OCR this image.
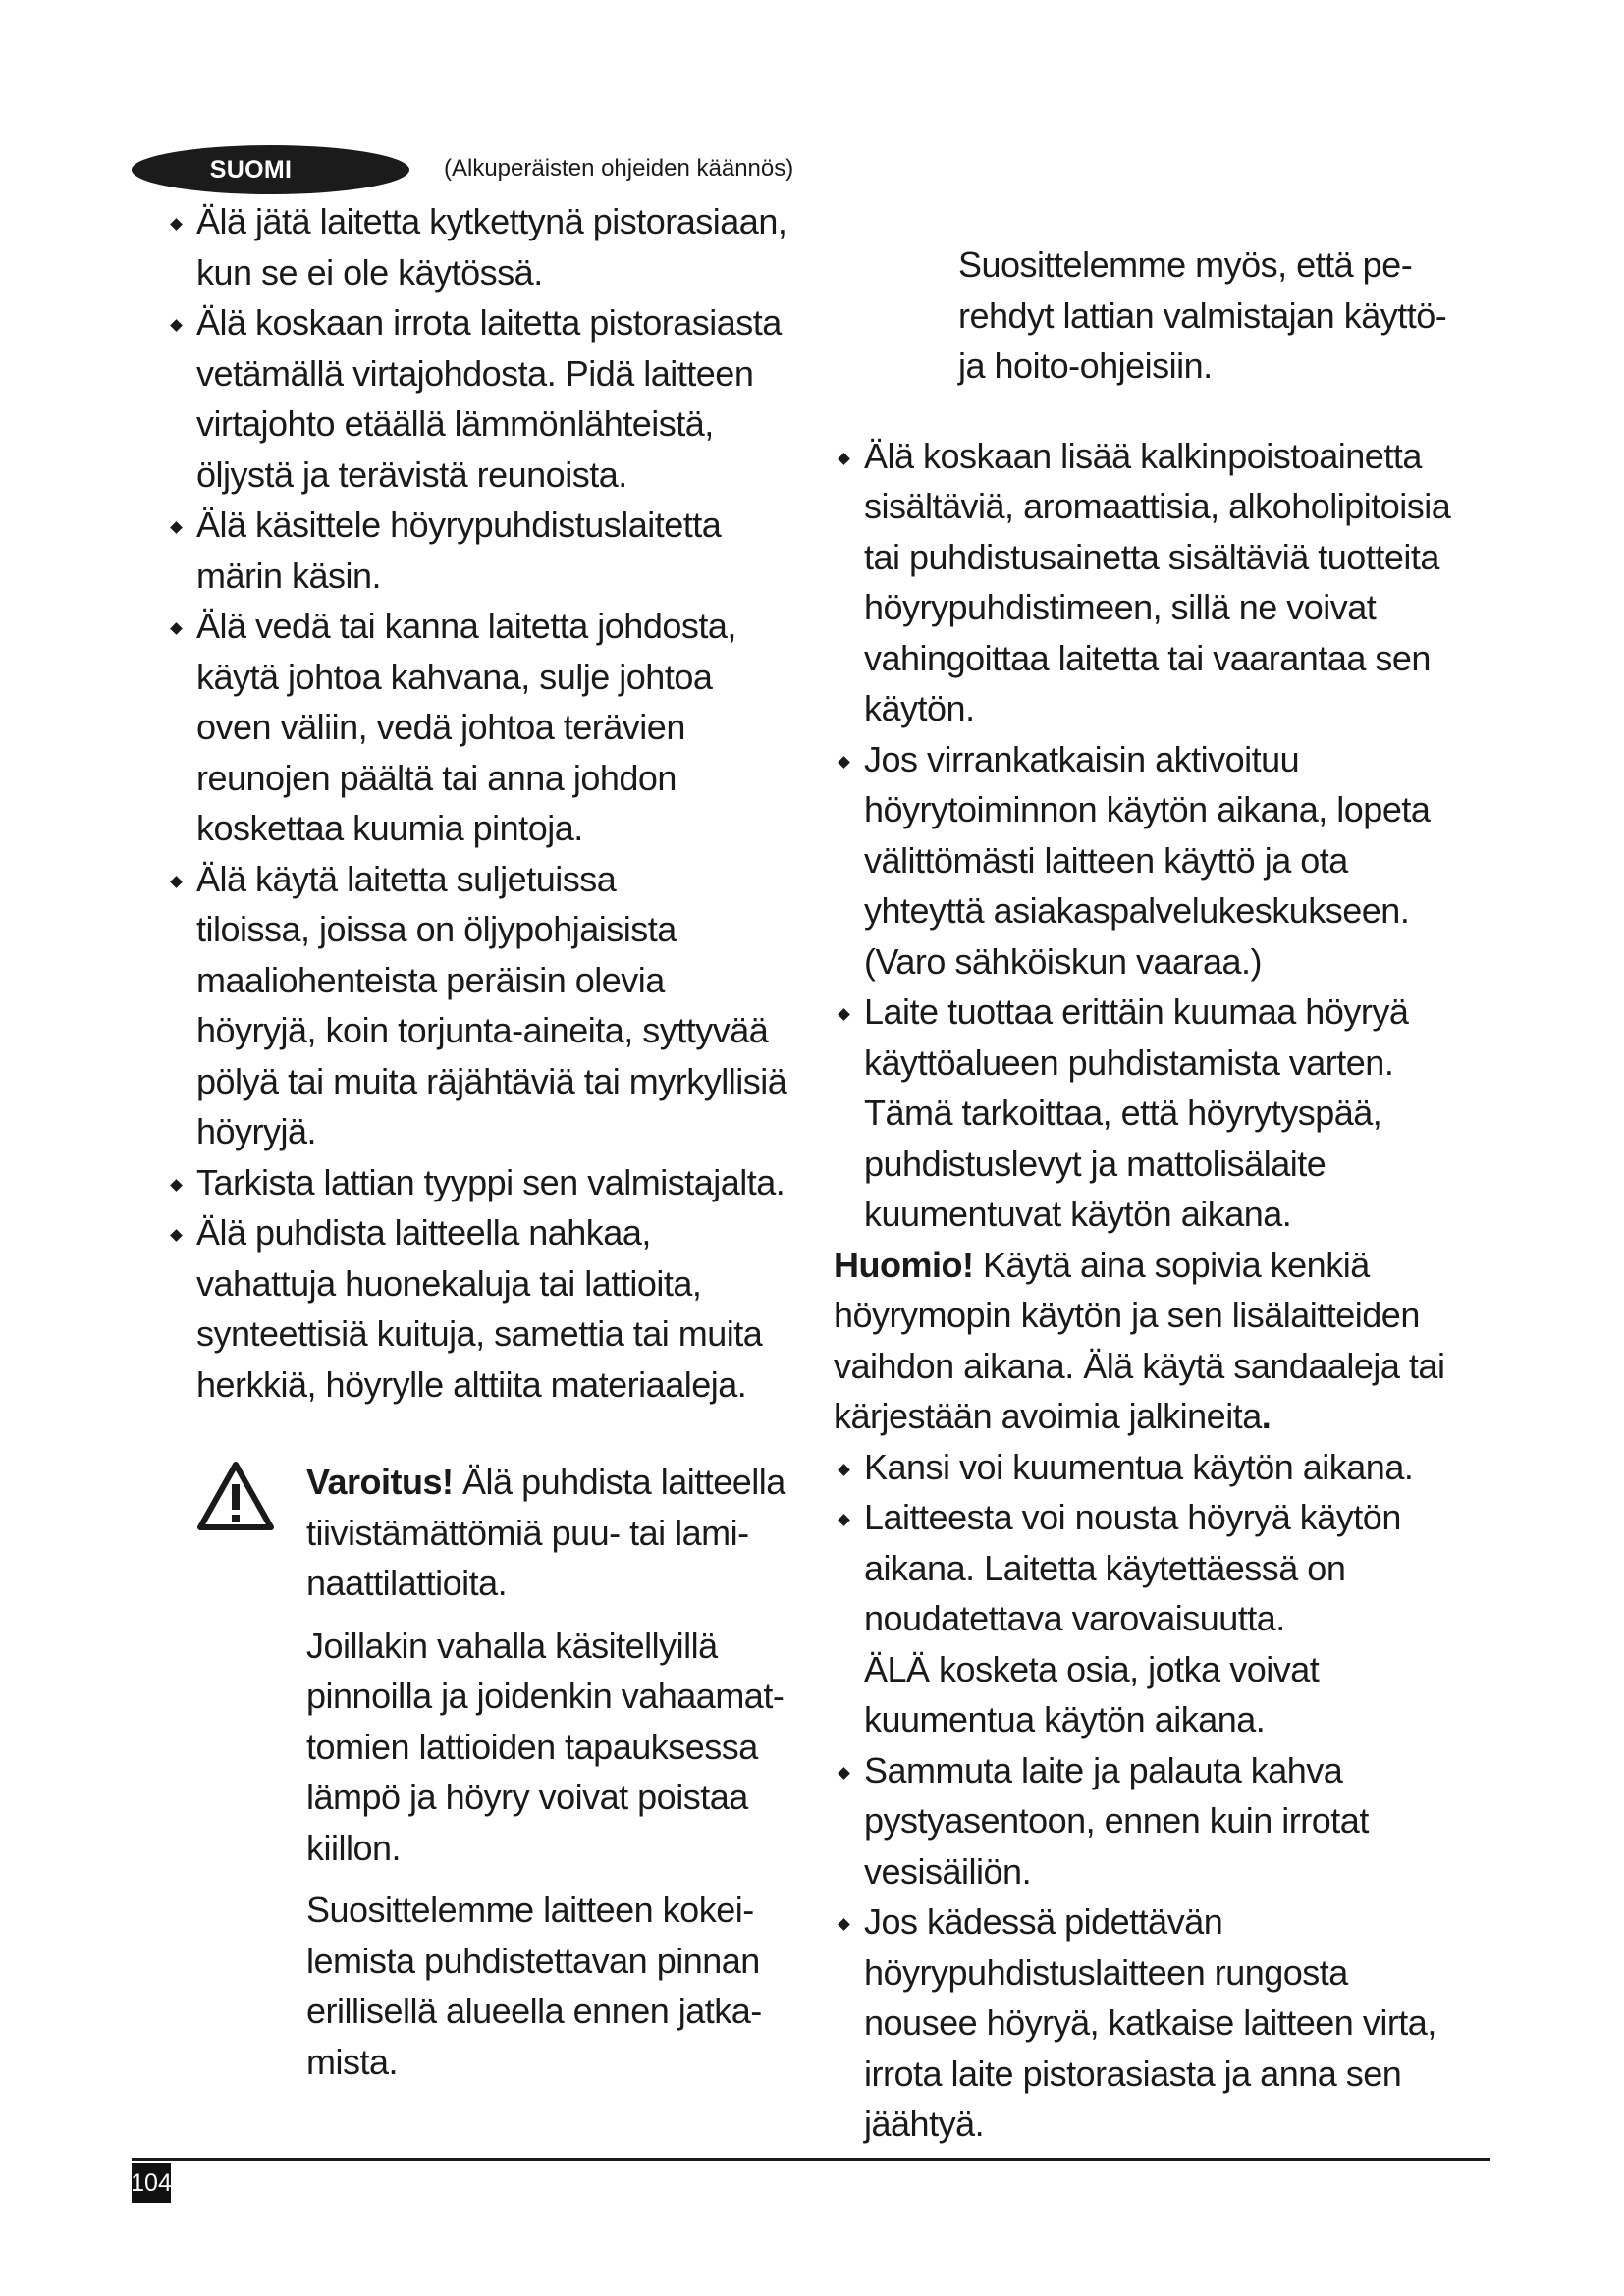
SUOMI	(Alkuperäisten ohjeiden käännös)
Älä jätä laitetta kytkettynä pistorasiaan,
kun se ei ole käytössä.
Älä koskaan irrota laitetta pistorasiasta
vetämällä virtajohdosta. Pidä laitteen
virtajohto etäällä lämmönlähteistä,
öljystä ja terävistä reunoista.
Älä käsittele höyrypuhdistuslaitetta
märin käsin.
Älä vedä tai kanna laitetta johdosta,
käytä johtoa kahvana, sulje johtoa
oven väliin, vedä johtoa terävien
reunojen päältä tai anna johdon
koskettaa kuumia pintoja.
Älä käytä laitetta suljetuissa
tiloissa, joissa on öljypohjaisista
maaliohenteista peräisin olevia
höyryjä, koin torjunta-aineita, syttyvää
pölyä tai muita räjähtäviä tai myrkyllisiä
höyryjä.
Tarkista lattian tyyppi sen valmistajalta.
Älä puhdista laitteella nahkaa,
vahattuja huonekaluja tai lattioita,
synteettisiä kuituja, samettia tai muita
herkkiä, höyrylle alttiita materiaaleja.
Varoitus! Älä puhdista laitteella
tiivistämättömiä puu- tai lami-
naattilattioita.
Joillakin vahalla käsitellyillä
pinnoilla ja joidenkin vahaamat-
tomien lattioiden tapauksessa
lämpö ja höyry voivat poistaa
kiillon.
Suosittelemme laitteen kokei-
lemista puhdistettavan pinnan
erillisellä alueella ennen jatka-
mista.
Suosittelemme myös, että pe-
rehdyt lattian valmistajan käyttö-
ja hoito-ohjeisiin.
Älä koskaan lisää kalkinpoistoainetta
sisältäviä, aromaattisia, alkoholipitoisia
tai puhdistusainetta sisältäviä tuotteita
höyrypuhdistimeen, sillä ne voivat
vahingoittaa laitetta tai vaarantaa sen
käytön.
Jos virrankatkaisin aktivoituu
höyrytoiminnon käytön aikana, lopeta
välittömästi laitteen käyttö ja ota
yhteyttä asiakaspalvelukeskukseen.
(Varo sähköiskun vaaraa.)
Laite tuottaa erittäin kuumaa höyryä
käyttöalueen puhdistamista varten.
Tämä tarkoittaa, että höyrytyspää,
puhdistuslevyt ja mattolisälaite
kuumentuvat käytön aikana.
Huomio! Käytä aina sopivia kenkiä
höyrymopin käytön ja sen lisälaitteiden
vaihdon aikana. Älä käytä sandaaleja tai
kärjestään avoimia jalkineita.
Kansi voi kuumentua käytön aikana.
Laitteesta voi nousta höyryä käytön
aikana. Laitetta käytettäessä on
noudatettava varovaisuutta.
ÄLÄ kosketa osia, jotka voivat
kuumentua käytön aikana.
Sammuta laite ja palauta kahva
pystyasentoon, ennen kuin irrotat
vesisäiliön.
Jos kädessä pidettävän
höyrypuhdistuslaitteen rungosta
nousee höyryä, katkaise laitteen virta,
irrota laite pistorasiasta ja anna sen
jäähtyä.
104
